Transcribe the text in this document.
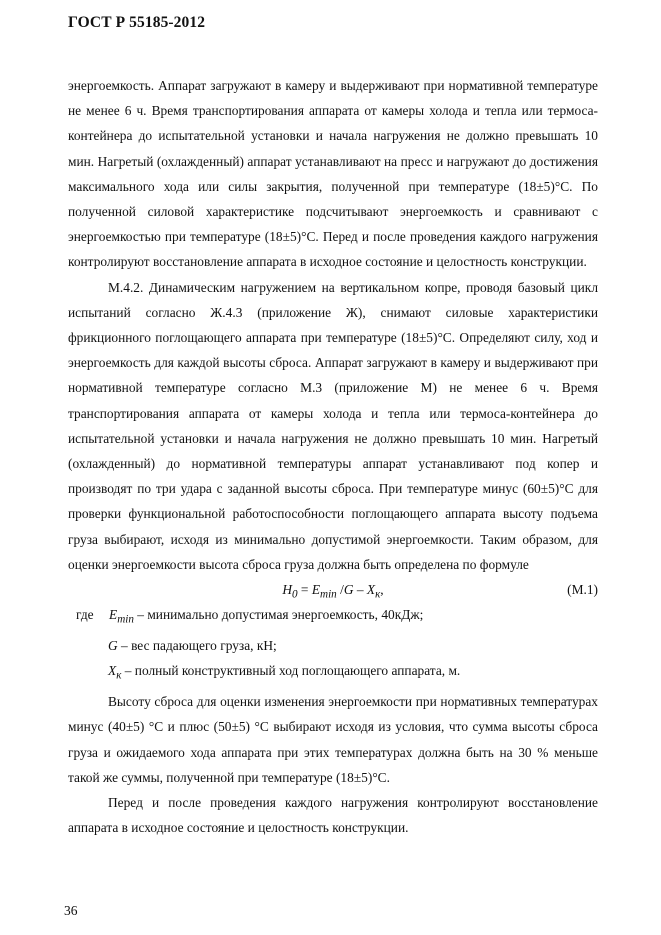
ГОСТ Р 55185-2012

энергоемкость. Аппарат загружают в камеру и выдерживают при нормативной температуре не менее 6 ч. Время транспортирования аппарата от камеры холода и тепла или термоса-контейнера до испытательной установки и начала нагружения не должно превышать 10 мин. Нагретый (охлажденный) аппарат устанавливают на пресс и нагружают до достижения максимального хода или силы закрытия, полученной при температуре (18±5)°С. По полученной силовой характеристике подсчитывают энергоемкость и сравнивают с энергоемкостью при температуре (18±5)°С. Перед и после проведения каждого нагружения контролируют восстановление аппарата в исходное состояние и целостность конструкции.

М.4.2. Динамическим нагружением на вертикальном копре, проводя базовый цикл испытаний согласно Ж.4.3 (приложение Ж), снимают силовые характеристики фрикционного поглощающего аппарата при температуре (18±5)°С. Определяют силу, ход и энергоемкость для каждой высоты сброса. Аппарат загружают в камеру и выдерживают при нормативной температуре согласно М.3 (приложение М) не менее 6 ч. Время транспортирования аппарата от камеры холода и тепла или термоса-контейнера до испытательной установки и начала нагружения не должно превышать 10 мин. Нагретый (охлажденный) до нормативной температуры аппарат устанавливают под копер и производят по три удара с заданной высоты сброса. При температуре минус (60±5)°С для проверки функциональной работоспособности поглощающего аппарата высоту подъема груза выбирают, исходя из минимально допустимой энергоемкости. Таким образом, для оценки энергоемкости высота сброса груза должна быть определена по формуле

$H_0 = E_{min}$ $/G - X_к$,	(М.1)
где $E_{min}$ – минимально допустимая энергоемкость, 40кДж;
G – вес падающего груза, кН;
$X_к$ – полный конструктивный ход поглощающего аппарата, м.

Высоту сброса для оценки изменения энергоемкости при нормативных температурах минус (40±5) °С и плюс (50±5) °С выбирают исходя из условия, что сумма высоты сброса груза и ожидаемого хода аппарата при этих температурах должна быть на 30 % меньше такой же суммы, полученной при температуре (18±5)°С.

Перед и после проведения каждого нагружения контролируют восстановление аппарата в исходное состояние и целостность конструкции.

36
